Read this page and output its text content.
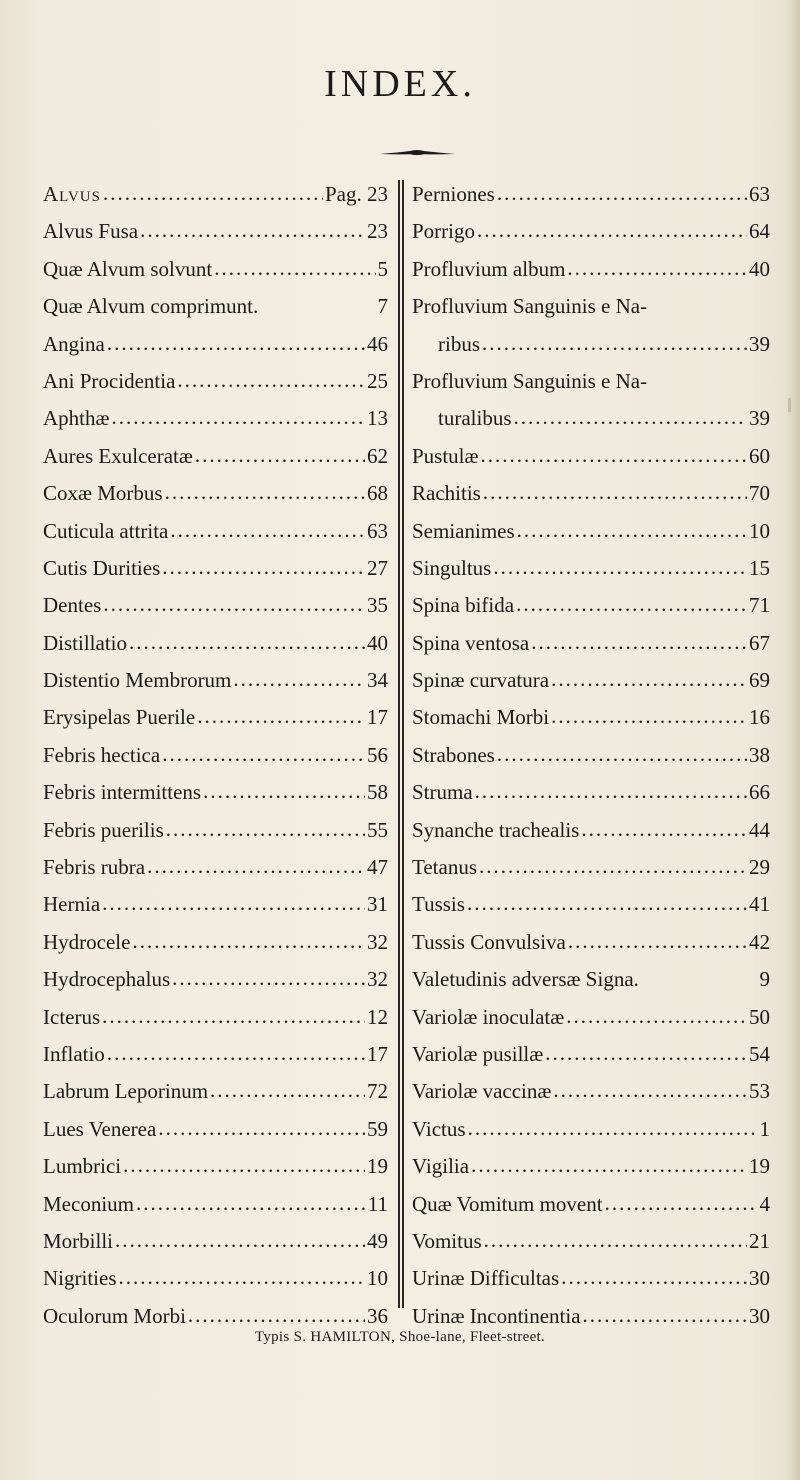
INDEX.
Alvus .....	Pag. 23
Alvus Fusa .....	23
Quæ Alvum solvunt .....	5
Quæ Alvum comprimunt.	7
Angina .....	46
Ani Procidentia .....	25
Aphthæ .....	13
Aures Exulceratæ .....	62
Coxæ Morbus .....	68
Cuticula attrita .....	63
Cutis Durities .....	27
Dentes .....	35
Distillatio .....	40
Distentio Membrorum .....	34
Erysipelas Puerile .....	17
Febris hectica .....	56
Febris intermittens .....	58
Febris puerilis .....	55
Febris rubra .....	47
Hernia .....	31
Hydrocele .....	32
Hydrocephalus .....	32
Icterus .....	12
Inflatio .....	17
Labrum Leporinum .....	72
Lues Venerea .....	59
Lumbrici .....	19
Meconium .....	11
Morbilli .....	49
Nigrities .....	10
Oculorum Morbi .....	36
Perniones .....	63
Porrigo .....	64
Profluvium album .....	40
Profluvium Sanguinis e Na-
ribus .....	39
Profluvium Sanguinis e Na-
turalibus .....	39
Pustulæ .....	60
Rachitis .....	70
Semianimes .....	10
Singultus .....	15
Spina bifida .....	71
Spina ventosa .....	67
Spinæ curvatura .....	69
Stomachi Morbi .....	16
Strabones .....	38
Struma .....	66
Synanche trachealis .....	44
Tetanus .....	29
Tussis .....	41
Tussis Convulsiva .....	42
Valetudinis adversæ Signa.	9
Variolæ inoculatæ .....	50
Variolæ pusillæ .....	54
Variolæ vaccinæ .....	53
Victus .....	1
Vigilia .....	19
Quæ Vomitum movent .....	4
Vomitus .....	21
Urinæ Difficultas .....	30
Urinæ Incontinentia .....	30
Typis S. HAMILTON, Shoe-lane, Fleet-street.
